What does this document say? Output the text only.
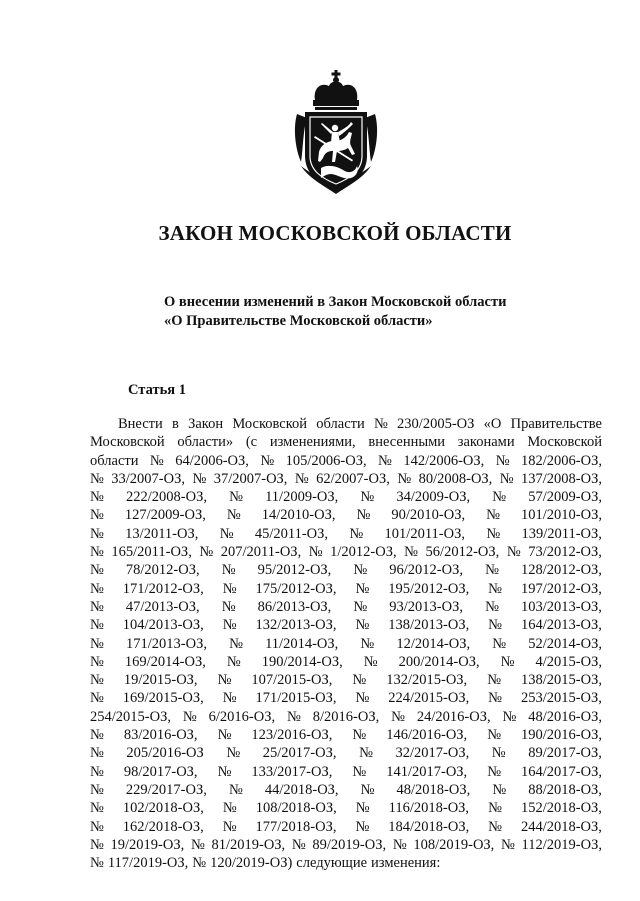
ЗАКОН МОСКОВСКОЙ ОБЛАСТИ
О внесении изменений в Закон Московской области
«О Правительстве Московской области»
Статья 1
Внести в Закон Московской области № 230/2005-ОЗ «О Правительстве
Московской области» (с изменениями, внесенными законами Московской
области № 64/2006-ОЗ, № 105/2006-ОЗ, № 142/2006-ОЗ, № 182/2006-ОЗ,
№ 33/2007-ОЗ, № 37/2007-ОЗ, № 62/2007-ОЗ, № 80/2008-ОЗ, № 137/2008-ОЗ,
№ 222/2008-ОЗ, № 11/2009-ОЗ, № 34/2009-ОЗ, № 57/2009-ОЗ,
№ 127/2009-ОЗ, № 14/2010-ОЗ, № 90/2010-ОЗ, № 101/2010-ОЗ,
№ 13/2011-ОЗ, № 45/2011-ОЗ, № 101/2011-ОЗ, № 139/2011-ОЗ,
№ 165/2011-ОЗ, № 207/2011-ОЗ, № 1/2012-ОЗ, № 56/2012-ОЗ, № 73/2012-ОЗ,
№ 78/2012-ОЗ, № 95/2012-ОЗ, № 96/2012-ОЗ, № 128/2012-ОЗ,
№ 171/2012-ОЗ, № 175/2012-ОЗ, № 195/2012-ОЗ, № 197/2012-ОЗ,
№ 47/2013-ОЗ, № 86/2013-ОЗ, № 93/2013-ОЗ, № 103/2013-ОЗ,
№ 104/2013-ОЗ, № 132/2013-ОЗ, № 138/2013-ОЗ, № 164/2013-ОЗ,
№ 171/2013-ОЗ, № 11/2014-ОЗ, № 12/2014-ОЗ, № 52/2014-ОЗ,
№ 169/2014-ОЗ, № 190/2014-ОЗ, № 200/2014-ОЗ, № 4/2015-ОЗ,
№ 19/2015-ОЗ, № 107/2015-ОЗ, № 132/2015-ОЗ, № 138/2015-ОЗ,
№ 169/2015-ОЗ, № 171/2015-ОЗ, № 224/2015-ОЗ, № 253/2015-ОЗ,
254/2015-ОЗ, № 6/2016-ОЗ, № 8/2016-ОЗ, № 24/2016-ОЗ, № 48/2016-ОЗ,
№ 83/2016-ОЗ, № 123/2016-ОЗ, № 146/2016-ОЗ, № 190/2016-ОЗ,
№ 205/2016-ОЗ № 25/2017-ОЗ, № 32/2017-ОЗ, № 89/2017-ОЗ,
№ 98/2017-ОЗ, № 133/2017-ОЗ, № 141/2017-ОЗ, № 164/2017-ОЗ,
№ 229/2017-ОЗ, № 44/2018-ОЗ, № 48/2018-ОЗ, № 88/2018-ОЗ,
№ 102/2018-ОЗ, № 108/2018-ОЗ, № 116/2018-ОЗ, № 152/2018-ОЗ,
№ 162/2018-ОЗ, № 177/2018-ОЗ, № 184/2018-ОЗ, № 244/2018-ОЗ,
№ 19/2019-ОЗ, № 81/2019-ОЗ, № 89/2019-ОЗ, № 108/2019-ОЗ, № 112/2019-ОЗ,
№ 117/2019-ОЗ, № 120/2019-ОЗ) следующие изменения:
